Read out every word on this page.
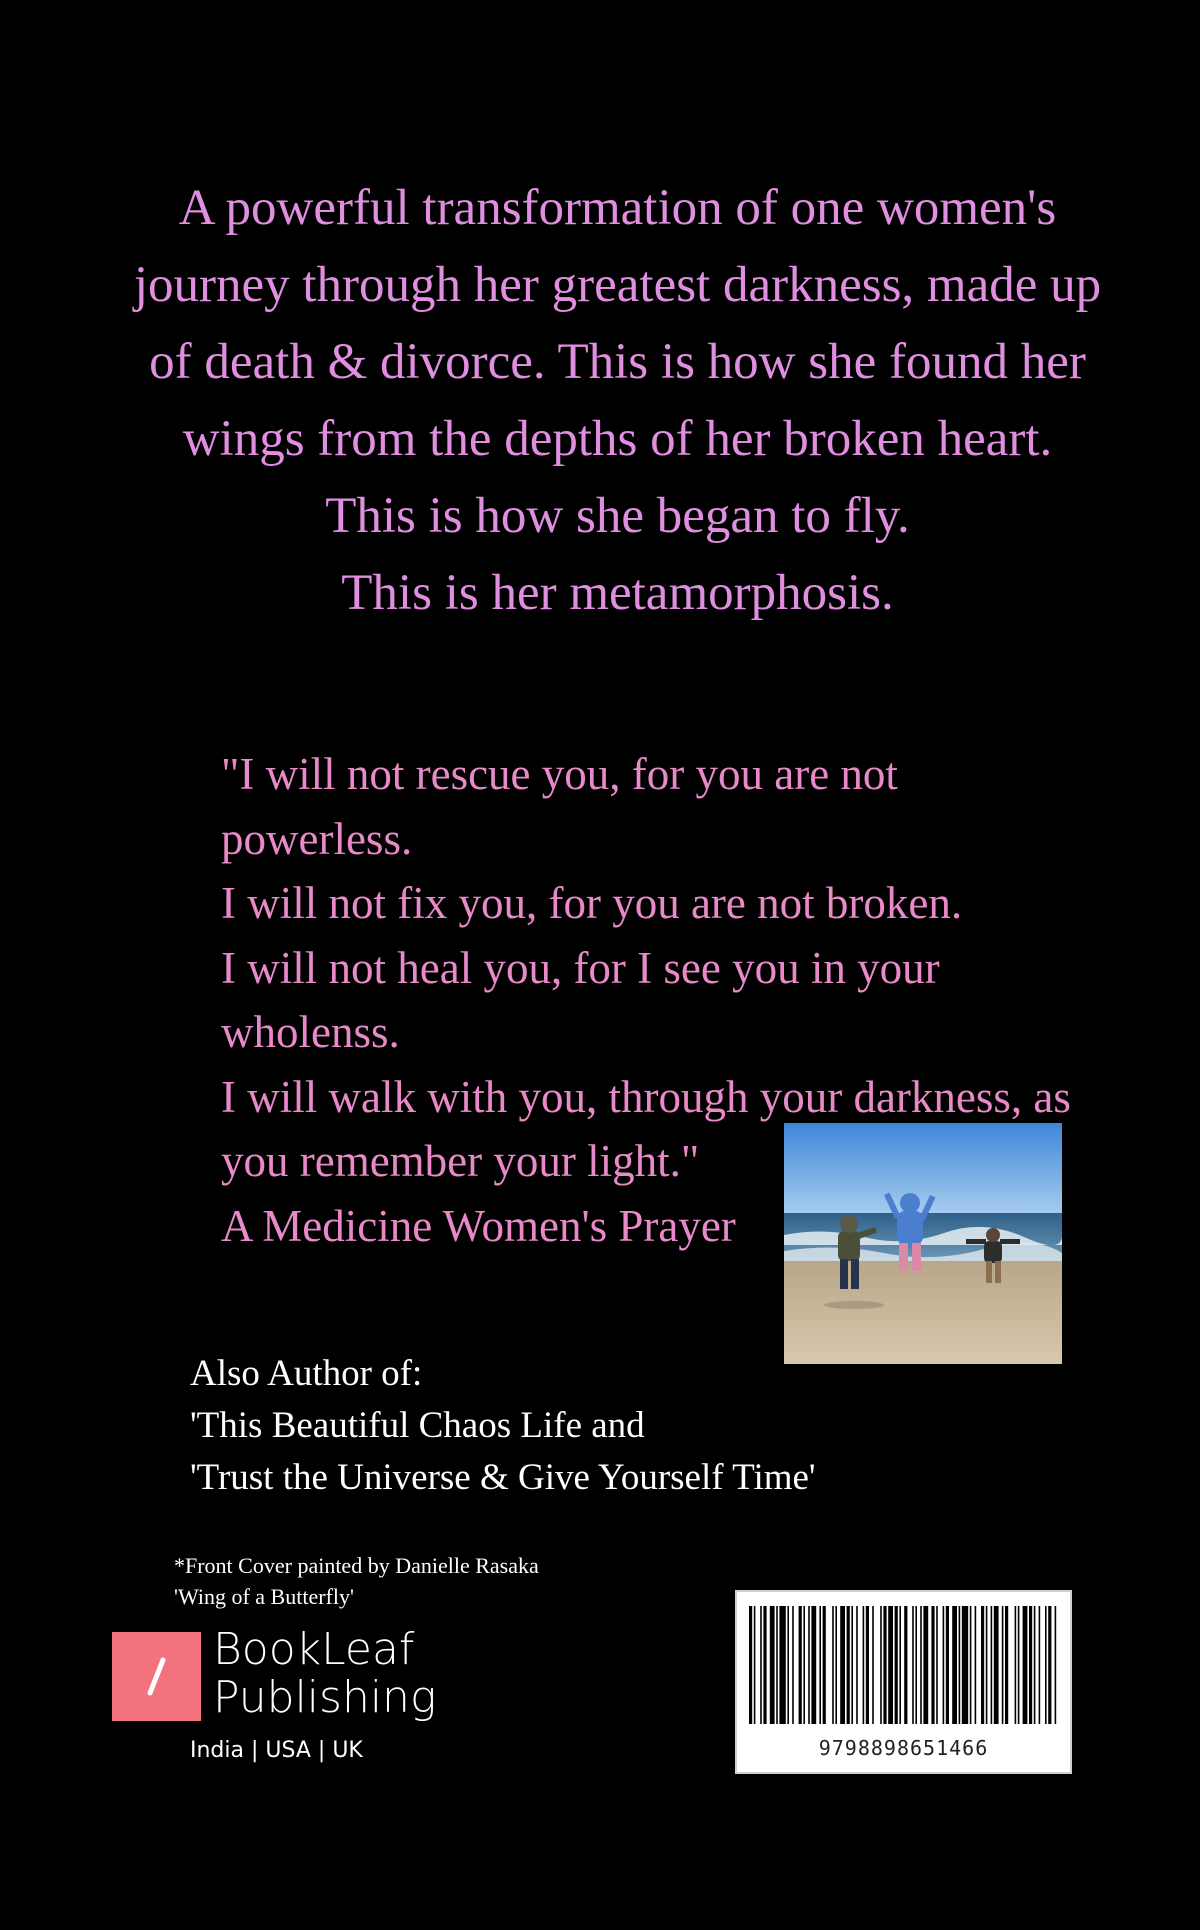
A powerful transformation of one women's
journey through her greatest darkness, made up
of death & divorce. This is how she found her
wings from the depths of her broken heart.
This is how she began to fly.
This is her metamorphosis.

"I will not rescue you, for you are not
powerless.
I will not fix you, for you are not broken.
I will not heal you, for I see you in your
wholenss.
I will walk with you, through your darkness, as
you remember your light."
A Medicine Women's Prayer

Also Author of:
'This Beautiful Chaos Life and
'Trust the Universe & Give Yourself Time'
*Front Cover painted by Danielle Rasaka
'Wing of a Butterfly'
BookLeaf
Publishing
India | USA | UK	9798898651466
